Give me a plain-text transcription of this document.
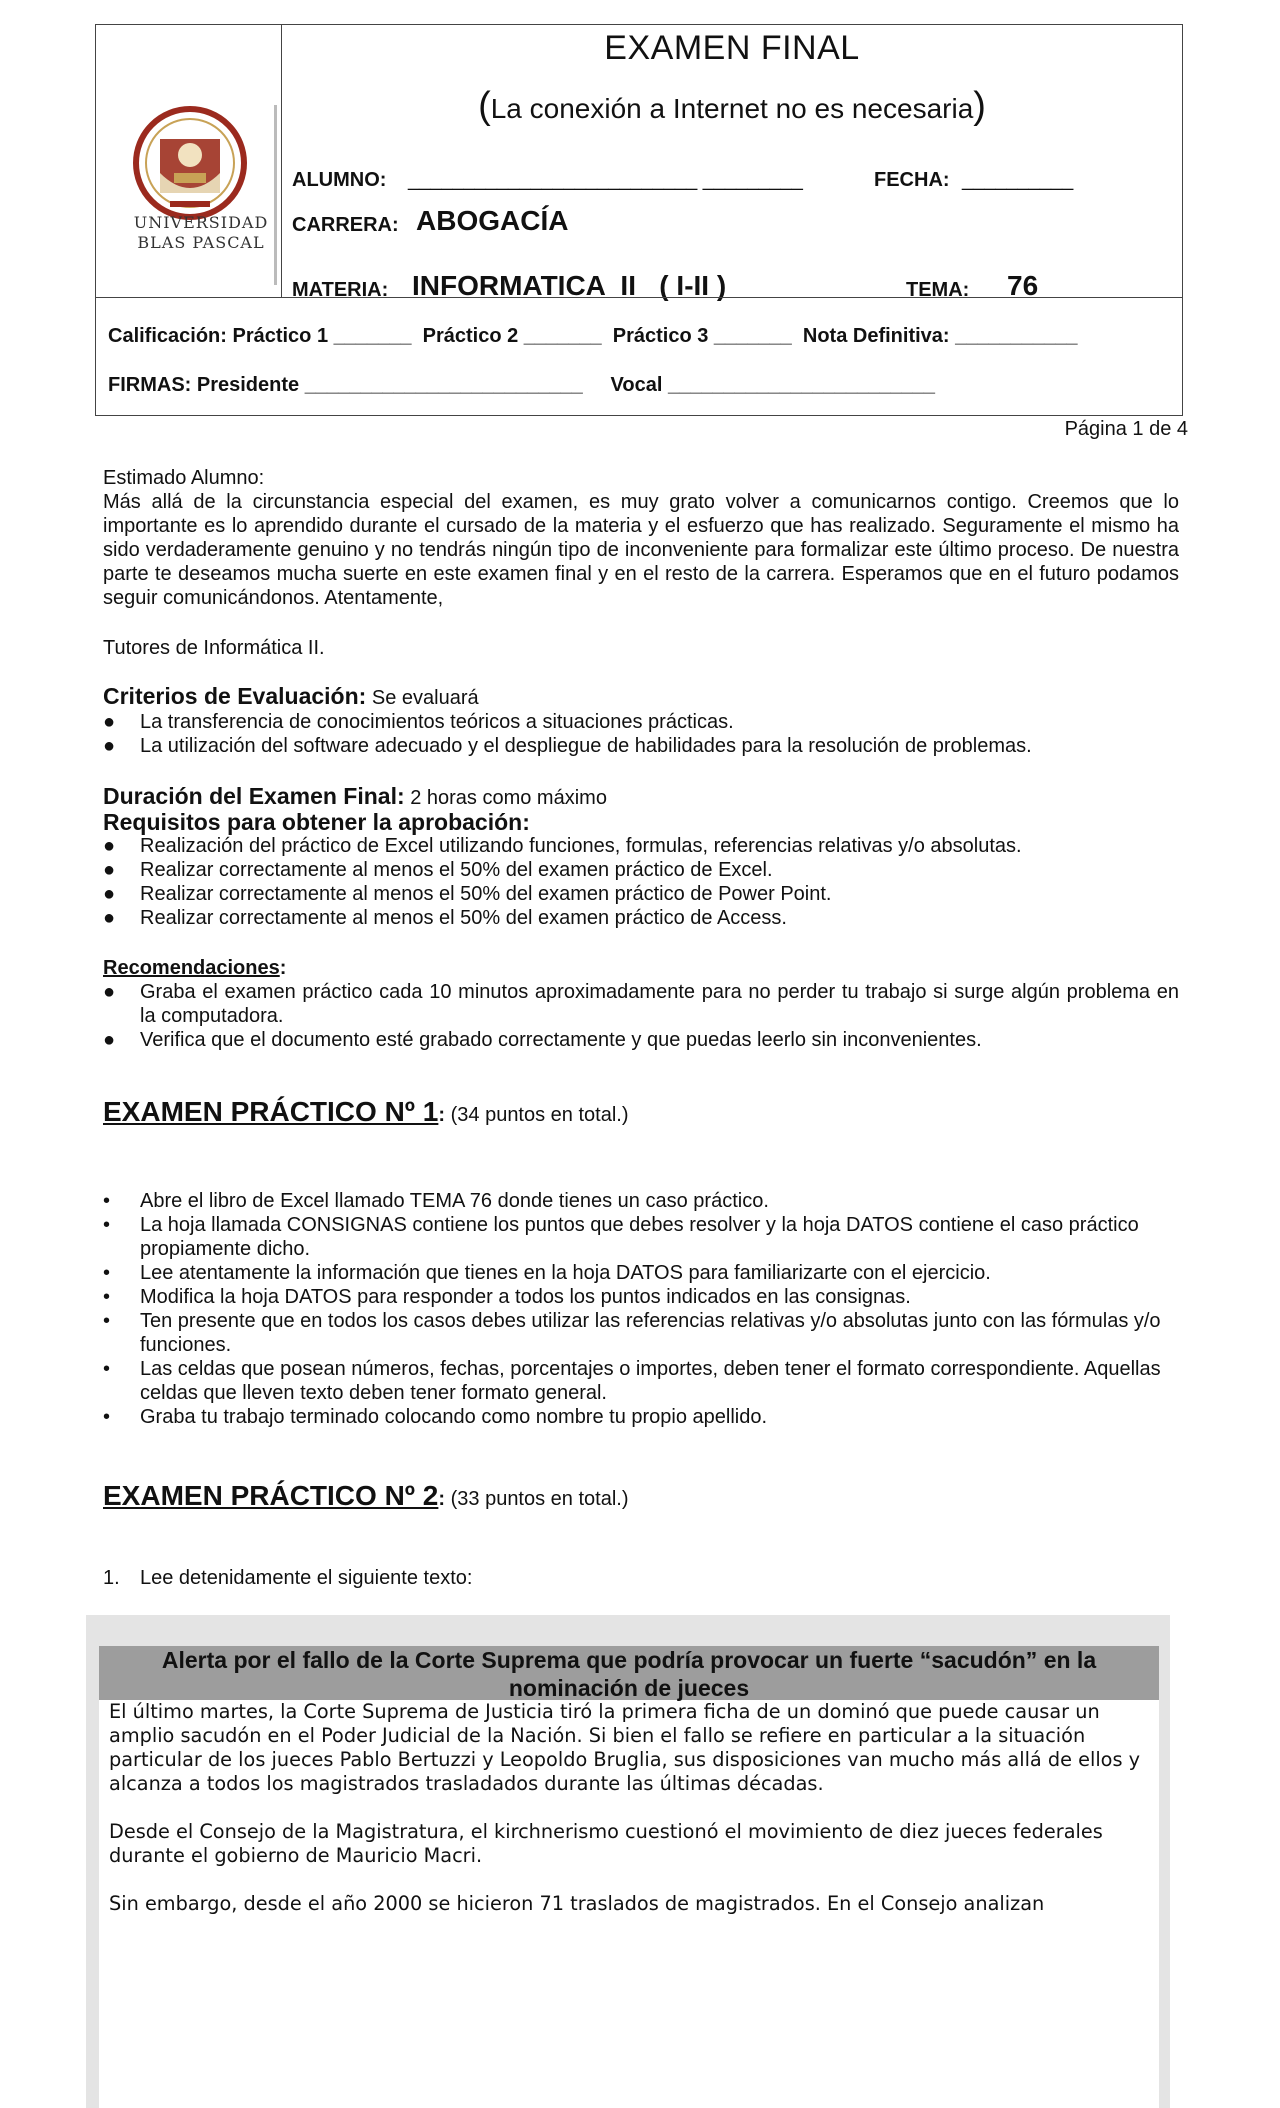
UNIVERSIDAD BLAS PASCAL
EXAMEN FINAL
(La conexión a Internet no es necesaria)
ALUMNO: __________________________ _________	FECHA: __________
CARRERA: ABOGACÍA
MATERIA: INFORMATICA  II   ( I-II )	TEMA: 76
Calificación: Práctico 1 _______  Práctico 2 _______  Práctico 3 _______  Nota Definitiva: ___________
FIRMAS: Presidente _________________________     Vocal ________________________
Página 1 de 4
Estimado Alumno:
Más allá de la circunstancia especial del examen, es muy grato volver a comunicarnos contigo. Creemos que lo importante es lo aprendido durante el cursado de la materia y el esfuerzo que has realizado. Seguramente el mismo ha sido verdaderamente genuino y no tendrás ningún tipo de inconveniente para formalizar este último proceso. De nuestra parte te deseamos mucha suerte en este examen final y en el resto de la carrera. Esperamos que en el futuro podamos seguir comunicándonos. Atentamente,
Tutores de Informática II.
Criterios de Evaluación: Se evaluará
● La transferencia de conocimientos teóricos a situaciones prácticas.
● La utilización del software adecuado y el despliegue de habilidades para la resolución de problemas.
Duración del Examen Final: 2 horas como máximo
Requisitos para obtener la aprobación:
● Realización del práctico de Excel utilizando funciones, formulas, referencias relativas y/o absolutas.
● Realizar correctamente al menos el 50% del examen práctico de Excel.
● Realizar correctamente al menos el 50% del examen práctico de Power Point.
● Realizar correctamente al menos el 50% del examen práctico de Access.
Recomendaciones:
● Graba el examen práctico cada 10 minutos aproximadamente para no perder tu trabajo si surge algún problema en la computadora.
● Verifica que el documento esté grabado correctamente y que puedas leerlo sin inconvenientes.
EXAMEN PRÁCTICO Nº 1: (34 puntos en total.)
• Abre el libro de Excel llamado TEMA 76 donde tienes un caso práctico.
• La hoja llamada CONSIGNAS contiene los puntos que debes resolver y la hoja DATOS contiene el caso práctico propiamente dicho.
• Lee atentamente la información que tienes en la hoja DATOS para familiarizarte con el ejercicio.
• Modifica la hoja DATOS para responder a todos los puntos indicados en las consignas.
• Ten presente que en todos los casos debes utilizar las referencias relativas y/o absolutas junto con las fórmulas y/o funciones.
• Las celdas que posean números, fechas, porcentajes o importes, deben tener el formato correspondiente. Aquellas celdas que lleven texto deben tener formato general.
• Graba tu trabajo terminado colocando como nombre tu propio apellido.
EXAMEN PRÁCTICO Nº 2: (33 puntos en total.)
1. Lee detenidamente el siguiente texto:
Alerta por el fallo de la Corte Suprema que podría provocar un fuerte “sacudón” en la nominación de jueces

El último martes, la Corte Suprema de Justicia tiró la primera ficha de un dominó que puede causar un amplio sacudón en el Poder Judicial de la Nación. Si bien el fallo se refiere en particular a la situación particular de los jueces Pablo Bertuzzi y Leopoldo Bruglia, sus disposiciones van mucho más allá de ellos y alcanza a todos los magistrados trasladados durante las últimas décadas.

Desde el Consejo de la Magistratura, el kirchnerismo cuestionó el movimiento de diez jueces federales durante el gobierno de Mauricio Macri.

Sin embargo, desde el año 2000 se hicieron 71 traslados de magistrados. En el Consejo analizan
